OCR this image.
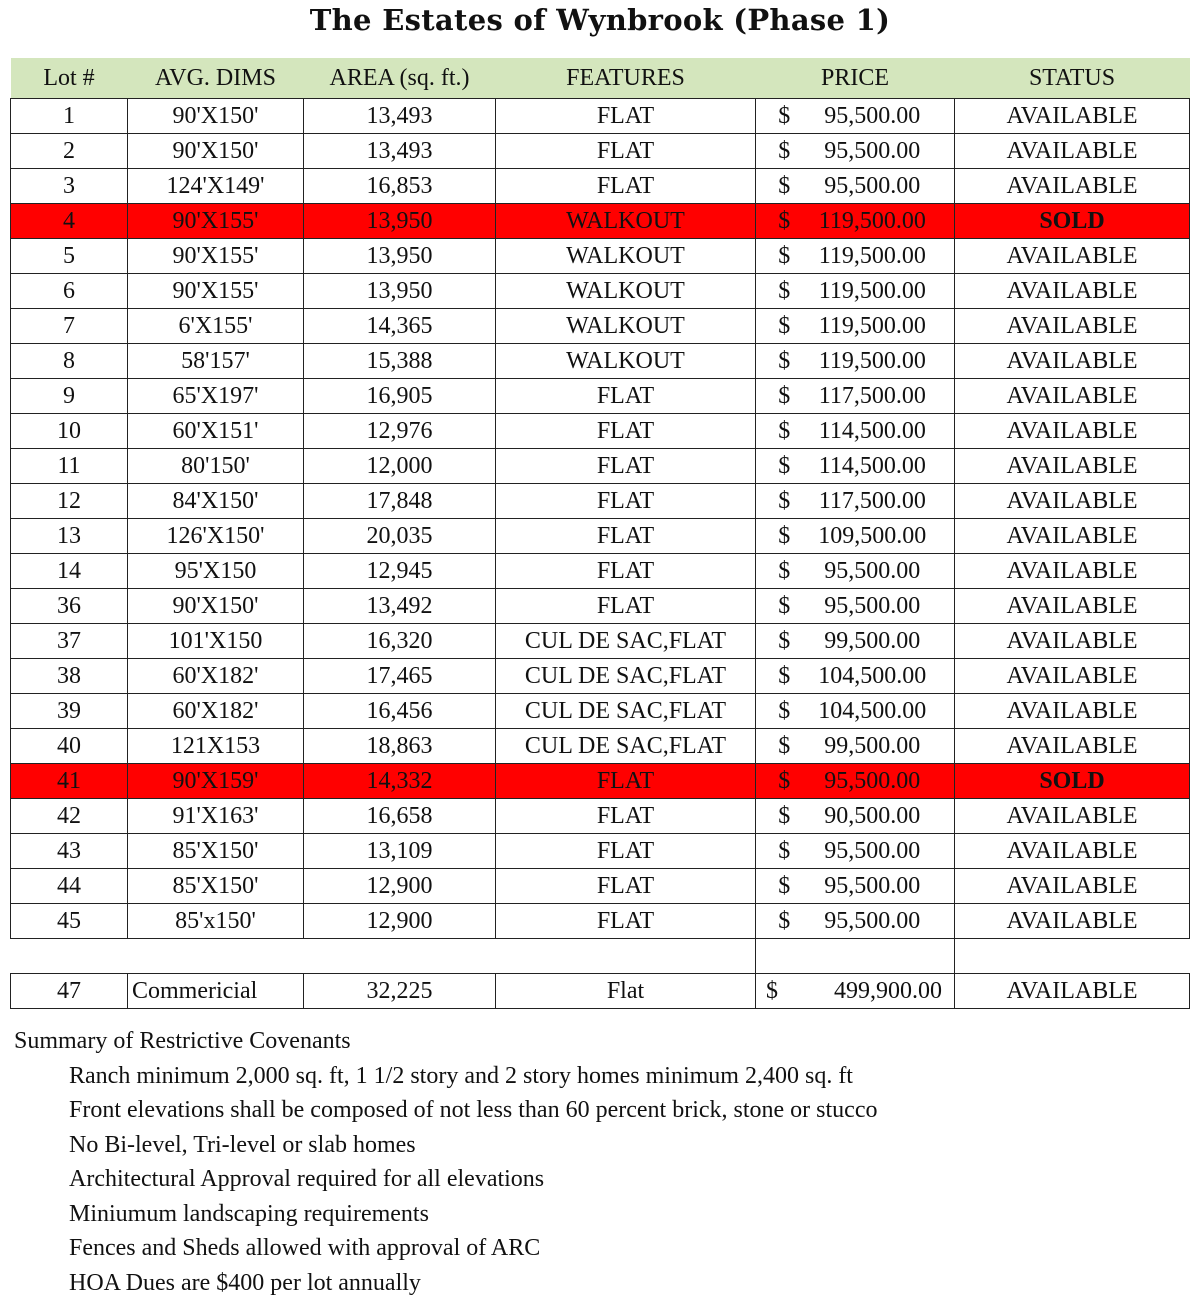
The Estates of Wynbrook (Phase 1)
Lot #	AVG. DIMS	AREA (sq. ft.)	FEATURES	PRICE		STATUS
1	90'X150'	13,493	FLAT	$	95,500.00	AVAILABLE
2	90'X150'	13,493	FLAT	$	95,500.00	AVAILABLE
3	124'X149'	16,853	FLAT	$	95,500.00	AVAILABLE
4	90'X155'	13,950	WALKOUT	$	119,500.00	SOLD
5	90'X155'	13,950	WALKOUT	$	119,500.00	AVAILABLE
6	90'X155'	13,950	WALKOUT	$	119,500.00	AVAILABLE
7	6'X155'	14,365	WALKOUT	$	119,500.00	AVAILABLE
8	58'157'	15,388	WALKOUT	$	119,500.00	AVAILABLE
9	65'X197'	16,905	FLAT	$	117,500.00	AVAILABLE
10	60'X151'	12,976	FLAT	$	114,500.00	AVAILABLE
11	80'150'	12,000	FLAT	$	114,500.00	AVAILABLE
12	84'X150'	17,848	FLAT	$	117,500.00	AVAILABLE
13	126'X150'	20,035	FLAT	$	109,500.00	AVAILABLE
14	95'X150	12,945	FLAT	$	95,500.00	AVAILABLE
36	90'X150'	13,492	FLAT	$	95,500.00	AVAILABLE
37	101'X150	16,320	CUL DE SAC,FLAT	$	99,500.00	AVAILABLE
38	60'X182'	17,465	CUL DE SAC,FLAT	$	104,500.00	AVAILABLE
39	60'X182'	16,456	CUL DE SAC,FLAT	$	104,500.00	AVAILABLE
40	121X153	18,863	CUL DE SAC,FLAT	$	99,500.00	AVAILABLE
41	90'X159'	14,332	FLAT	$	95,500.00	SOLD
42	91'X163'	16,658	FLAT	$	90,500.00	AVAILABLE
43	85'X150'	13,109	FLAT	$	95,500.00	AVAILABLE
44	85'X150'	12,900	FLAT	$	95,500.00	AVAILABLE
45	85'x150'	12,900	FLAT	$	95,500.00	AVAILABLE

47	Commericial	32,225	Flat	$	499,900.00	AVAILABLE

Summary of Restrictive Covenants

Ranch minimum 2,000 sq. ft, 1 1/2 story and 2 story homes minimum 2,400 sq. ft
Front elevations shall be composed of not less than 60 percent brick, stone or stucco
No Bi-level, Tri-level or slab homes
Architectural Approval required for all elevations
Miniumum landscaping requirements
Fences and Sheds allowed with approval of ARC
HOA Dues are $400 per lot annually
